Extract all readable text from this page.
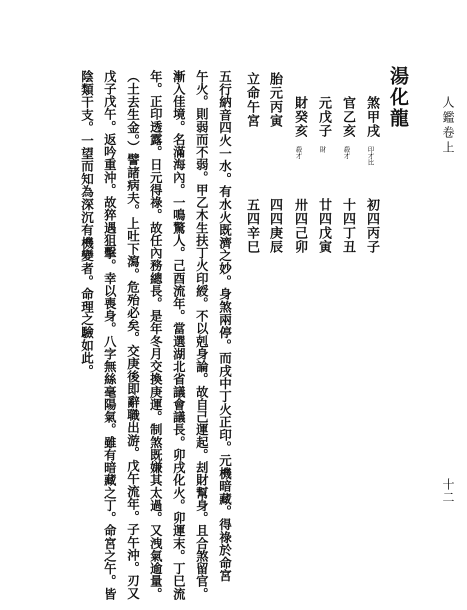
人鑑卷上
十二
湯化龍
煞甲戌
印才比
官乙亥
殺才
元戊子
財
財癸亥
殺才
胎元丙寅
立命午宮
初四丙子
十四丁丑
廿四戊寅
卅四己卯
四四庚辰
五四辛巳
五行納音四火一水。有水火既濟之妙。身煞兩停。而戌中丁火正印。元機暗藏。得祿於命宮
午火。則弱而不弱。甲乙木生扶丁火印綬。不以剋身論。故自己運起。刦財幫身。且合煞留官。
漸入佳境。名滿海內。一鳴驚人。己酉流年。當選湖北省議會議長。卯戌化火。卯運末。丁巳流
年。正印透露。日元得祿。故任內務總長。是年冬月交換庚運。制煞既嫌其太過。又洩氣逾量。
（土去生金。）譬諸病夫。上吐下瀉。危殆必矣。交庚後即辭職出游。戊午流年。子午沖。刃又
戊子戊午。返吟重沖。故猝遇狙擊。幸以喪身。八字無絲毫陽氣。雖有暗藏之丁。命宮之午。皆
陰類干支。一望而知為深沉有機變者。命理之驗如此。
